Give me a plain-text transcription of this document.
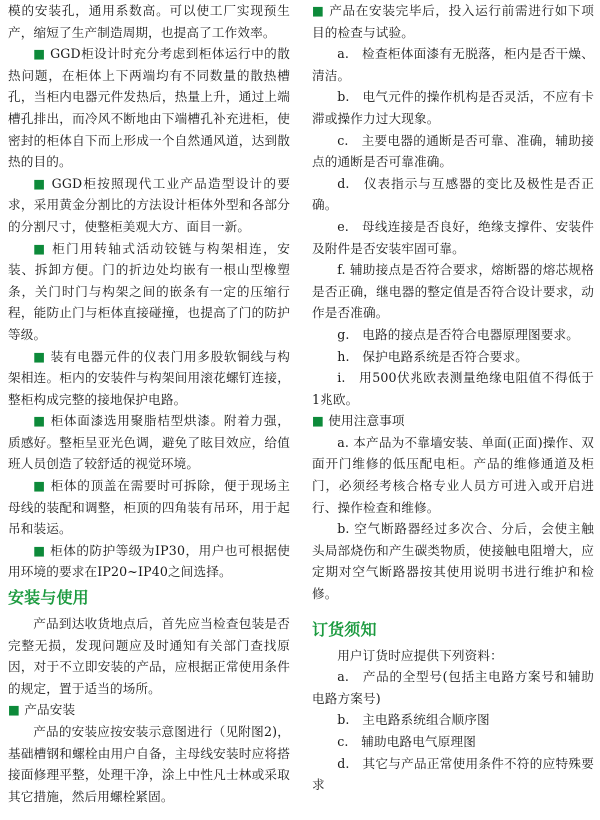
模的安装孔，通用系数高。可以使工厂实现预生产，缩短了生产制造周期，也提高了工作效率。

■ GGD柜设计时充分考虑到柜体运行中的散热问题，在柜体上下两端均有不同数量的散热槽孔，当柜内电器元件发热后，热量上升，通过上端槽孔排出，而冷风不断地由下端槽孔补充进柜，使密封的柜体自下而上形成一个自然通风道，达到散热的目的。

■ GGD柜按照现代工业产品造型设计的要求，采用黄金分割比的方法设计柜体外型和各部分的分割尺寸，使整柜美观大方、面目一新。

■ 柜门用转轴式活动铰链与构架相连，安装、拆卸方便。门的折边处均嵌有一根山型橡塑条，关门时门与构架之间的嵌条有一定的压缩行程，能防止门与柜体直接碰撞，也提高了门的防护等级。

■ 装有电器元件的仪表门用多股软铜线与构架相连。柜内的安装件与构架间用滚花螺钉连接，整柜构成完整的接地保护电路。

■ 柜体面漆选用聚脂桔型烘漆。附着力强，质感好。整柜呈亚光色调，避免了眩目效应，给值班人员创造了较舒适的视觉环境。

■ 柜体的顶盖在需要时可拆除，便于现场主母线的装配和调整，柜顶的四角装有吊环，用于起吊和装运。

■ 柜体的防护等级为IP30，用户也可根据使用环境的要求在IP20~IP40之间选择。

安装与使用

产品到达收货地点后，首先应当检查包装是否完整无损，发现问题应及时通知有关部门查找原因，对于不立即安装的产品，应根据正常使用条件的规定，置于适当的场所。

■ 产品安装

产品的安装应按安装示意图进行（见附图2)，基础槽钢和螺栓由用户自备，主母线安装时应将搭接面修理平整，处理干净，涂上中性凡士林或采取其它措施，然后用螺栓紧固。

■ 产品在安装完毕后，投入运行前需进行如下项目的检查与试验。

a.　检查柜体面漆有无脱落，柜内是否干燥、清洁。

b.　电气元件的操作机构是否灵活，不应有卡滞或操作力过大现象。

c.　主要电器的通断是否可靠、准确，辅助接点的通断是否可靠准确。

d.　仪表指示与互感器的变比及极性是否正确。

e.　母线连接是否良好，绝缘支撑件、安装件及附件是否安装牢固可靠。

f. 辅助接点是否符合要求，熔断器的熔芯规格是否正确，继电器的整定值是否符合设计要求，动作是否准确。

g.　电路的接点是否符合电器原理图要求。

h.　保护电路系统是否符合要求。

i.　用500伏兆欧表测量绝缘电阻值不得低于1兆欧。

■ 使用注意事项

a. 本产品为不靠墙安装、单面(正面)操作、双面开门维修的低压配电柜。产品的维修通道及柜门，必须经考核合格专业人员方可进入或开启进行、操作检查和维修。

b. 空气断路器经过多次合、分后，会使主触头局部烧伤和产生碳类物质，使接触电阻增大，应定期对空气断路器按其使用说明书进行维护和检修。

订货须知

用户订货时应提供下列资料：

a.　产品的全型号(包括主电路方案号和辅助电路方案号)

b.　主电路系统组合顺序图

c.　辅助电路电气原理图

d.　其它与产品正常使用条件不符的应特殊要求
